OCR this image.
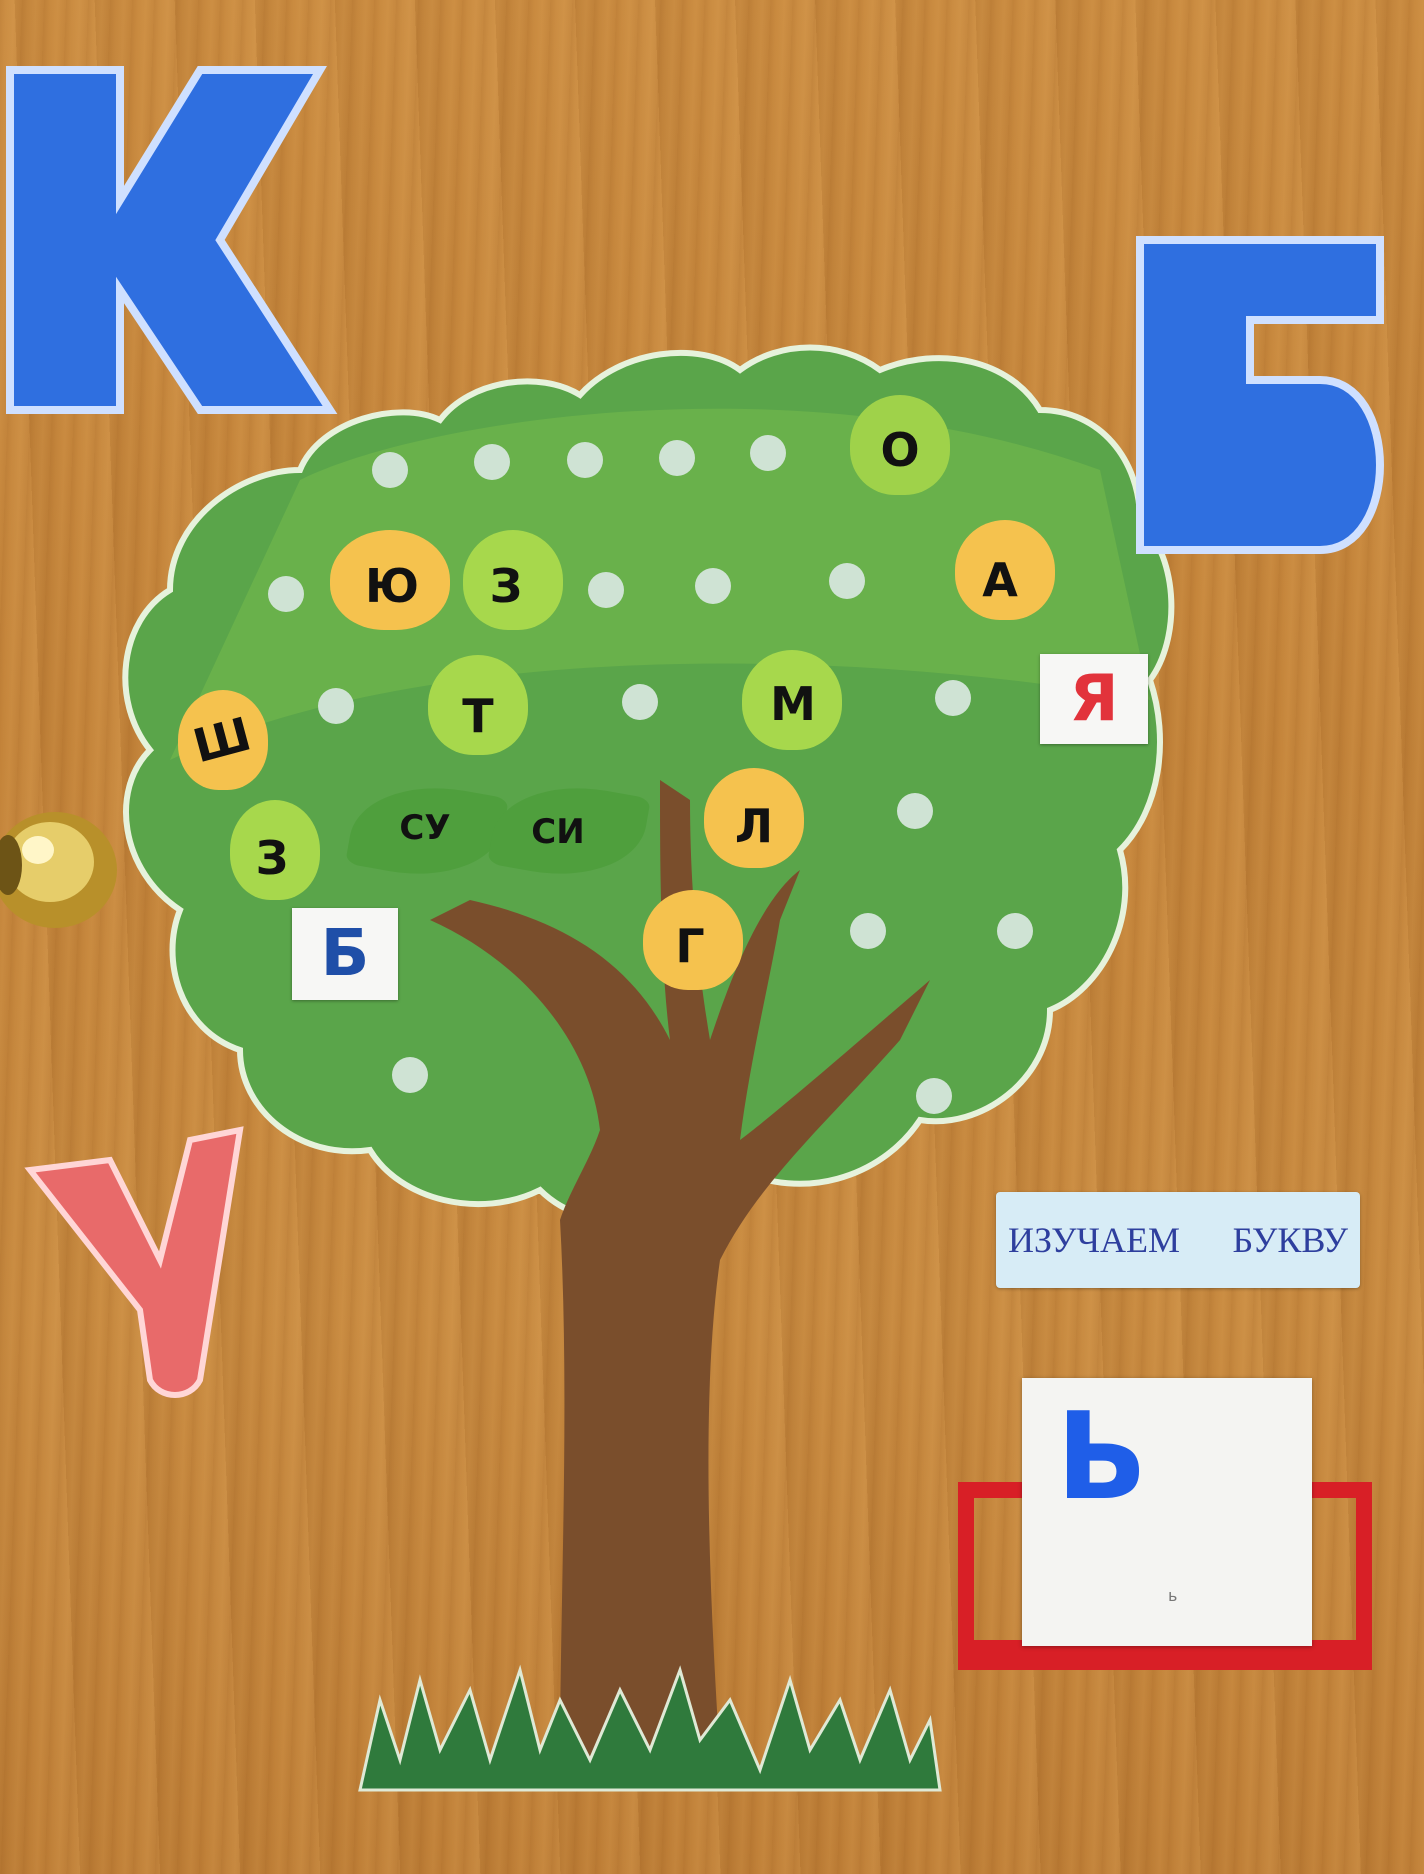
О
Ю З	А
Т	М
Ш
З
Л
Г
СУ СИ
Я
Б
ИЗУЧАЕМ БУКВУ
Ь
ь
